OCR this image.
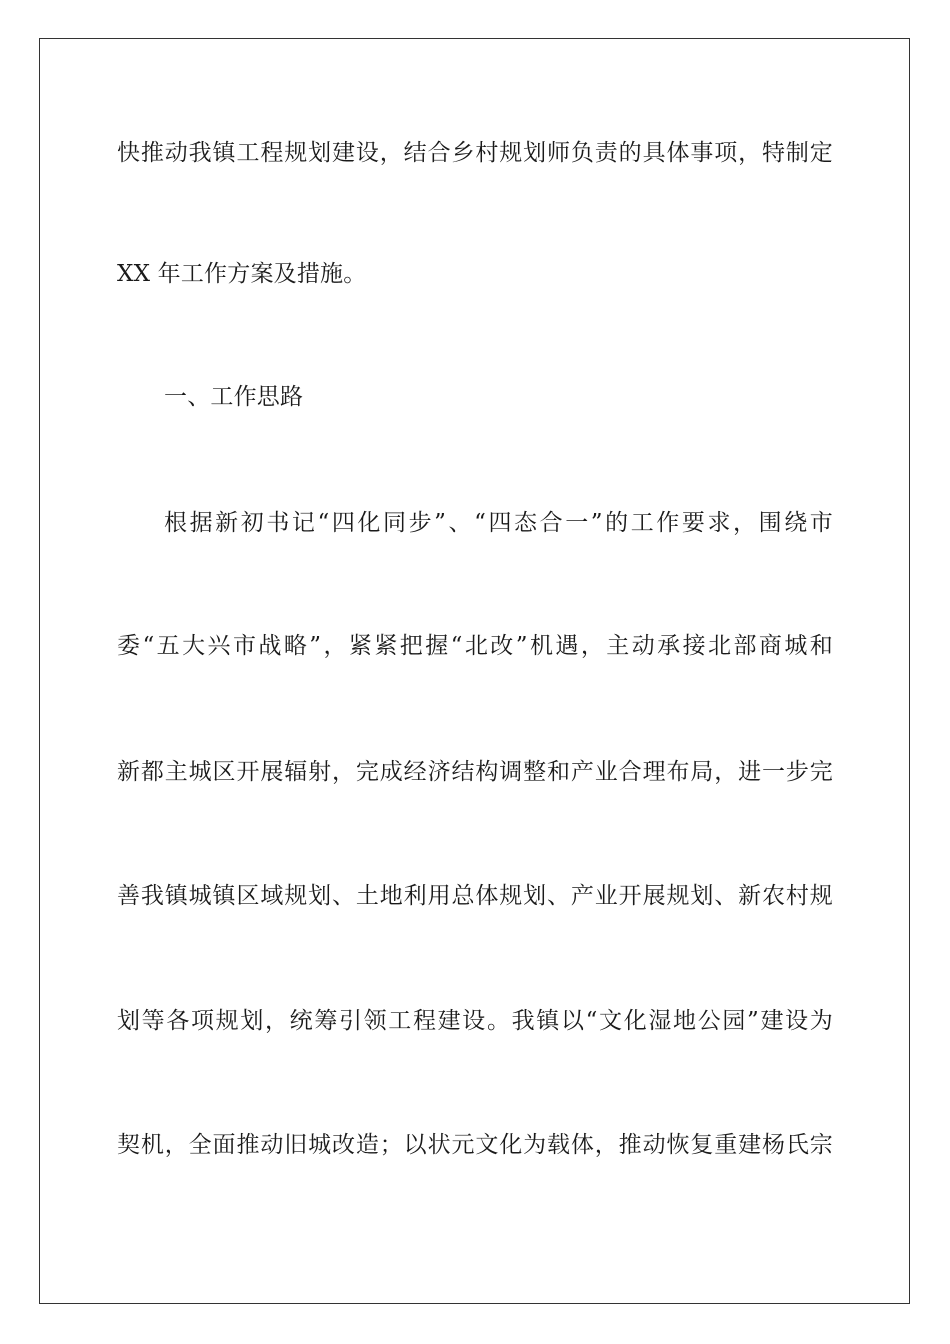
快推动我镇工程规划建设，结合乡村规划师负责的具体事项，特制定
XX 年工作方案及措施。
一、工作思路
根据新初书记“四化同步”、“四态合一”的工作要求，围绕市
委“五大兴市战略”，紧紧把握“北改”机遇，主动承接北部商城和
新都主城区开展辐射，完成经济结构调整和产业合理布局，进一步完
善我镇城镇区域规划、土地利用总体规划、产业开展规划、新农村规
划等各项规划，统筹引领工程建设。我镇以“文化湿地公园”建设为
契机，全面推动旧城改造；以状元文化为载体，推动恢复重建杨氏宗
